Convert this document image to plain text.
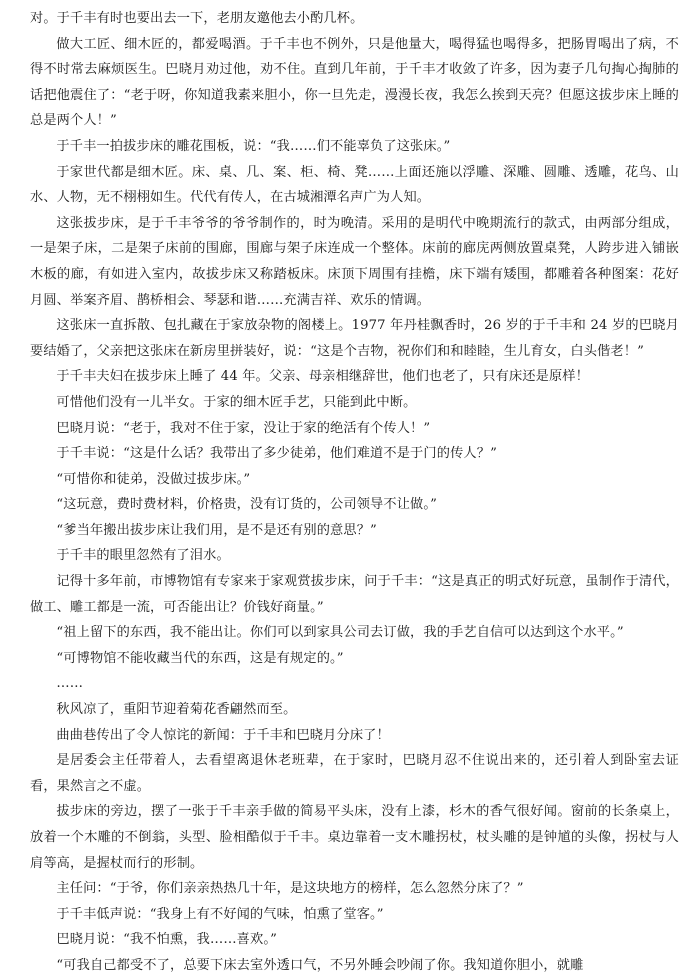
对。于千丰有时也要出去一下，老朋友邀他去小酌几杯。

做大工匠、细木匠的，都爱喝酒。于千丰也不例外，只是他量大，喝得猛也喝得多，把肠胃喝出了病，不得不时常去麻烦医生。巴晓月劝过他，劝不住。直到几年前，于千丰才收敛了许多，因为妻子几句掏心掏肺的话把他震住了：“老于呀，你知道我素来胆小，你一旦先走，漫漫长夜，我怎么挨到天亮？但愿这拔步床上睡的总是两个人！”

于千丰一拍拔步床的雕花围板，说：“我……们不能辜负了这张床。”

于家世代都是细木匠。床、桌、几、案、柜、椅、凳……上面还施以浮雕、深雕、圆雕、透雕，花鸟、山水、人物，无不栩栩如生。代代有传人，在古城湘潭名声广为人知。

这张拔步床，是于千丰爷爷的爷爷制作的，时为晚清。采用的是明代中晚期流行的款式，由两部分组成，一是架子床，二是架子床前的围廊，围廊与架子床连成一个整体。床前的廊庑两侧放置桌凳，人跨步进入铺嵌木板的廊，有如进入室内，故拔步床又称踏板床。床顶下周围有挂檐，床下端有矮围，都雕着各种图案：花好月圆、举案齐眉、鹊桥相会、琴瑟和谐……充满吉祥、欢乐的情调。

这张床一直拆散、包扎藏在于家放杂物的阁楼上。1977 年丹桂飘香时，26 岁的于千丰和 24 岁的巴晓月要结婚了，父亲把这张床在新房里拼装好，说：“这是个吉物，祝你们和和睦睦，生儿育女，白头偕老！”

于千丰夫妇在拔步床上睡了 44 年。父亲、母亲相继辞世，他们也老了，只有床还是原样！

可惜他们没有一儿半女。于家的细木匠手艺，只能到此中断。

巴晓月说：“老于，我对不住于家，没让于家的绝活有个传人！”

于千丰说：“这是什么话？我带出了多少徒弟，他们难道不是于门的传人？”

“可惜你和徒弟，没做过拔步床。”

“这玩意，费时费材料，价格贵，没有订货的，公司领导不让做。”

“爹当年搬出拔步床让我们用，是不是还有别的意思？”

于千丰的眼里忽然有了泪水。

记得十多年前，市博物馆有专家来于家观赏拔步床，问于千丰：“这是真正的明式好玩意，虽制作于清代，做工、雕工都是一流，可否能出让？价钱好商量。”

“祖上留下的东西，我不能出让。你们可以到家具公司去订做，我的手艺自信可以达到这个水平。”

“可博物馆不能收藏当代的东西，这是有规定的。”

……

秋风凉了，重阳节迎着菊花香翩然而至。

曲曲巷传出了令人惊诧的新闻：于千丰和巴晓月分床了！

是居委会主任带着人，去看望离退休老班辈，在于家时，巴晓月忍不住说出来的，还引着人到卧室去证看，果然言之不虚。

拔步床的旁边，摆了一张于千丰亲手做的简易平头床，没有上漆，杉木的香气很好闻。窗前的长条桌上，放着一个木雕的不倒翁，头型、脸相酷似于千丰。桌边靠着一支木雕拐杖，杖头雕的是钟馗的头像，拐杖与人肩等高，是握杖而行的形制。

主任问：“于爷，你们亲亲热热几十年，是这块地方的榜样，怎么忽然分床了？”

于千丰低声说：“我身上有不好闻的气味，怕熏了堂客。”

巴晓月说：“我不怕熏，我……喜欢。”

“可我自己都受不了，总要下床去室外透口气，不另外睡会吵闹了你。我知道你胆小，就雕
